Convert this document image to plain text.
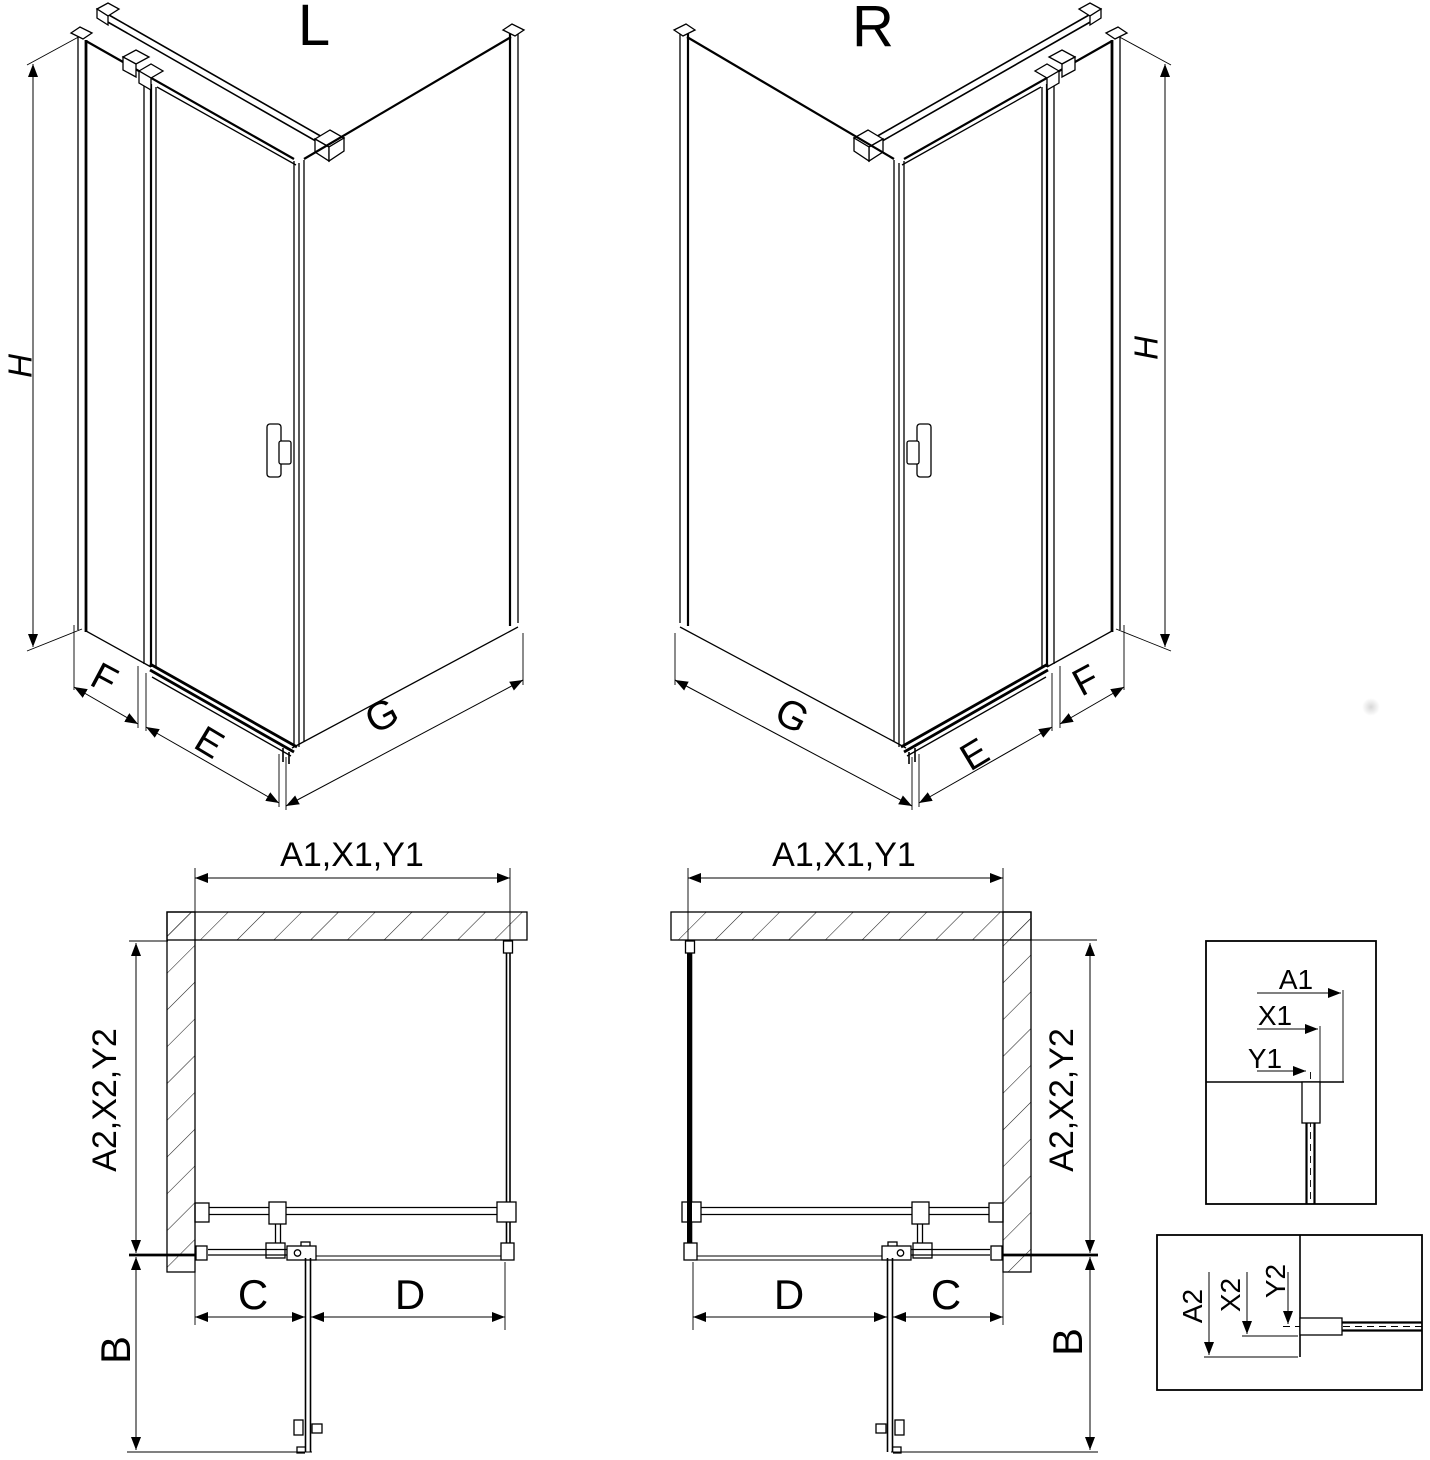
L	R
H
H
F
E
G	G
E
F
A1,X1,Y1	A1,X1,Y1
A2,X2,Y2	A2,X2,Y2
C	D
B
D	C
B
A1
X1
Y1
A2 X2 Y2
